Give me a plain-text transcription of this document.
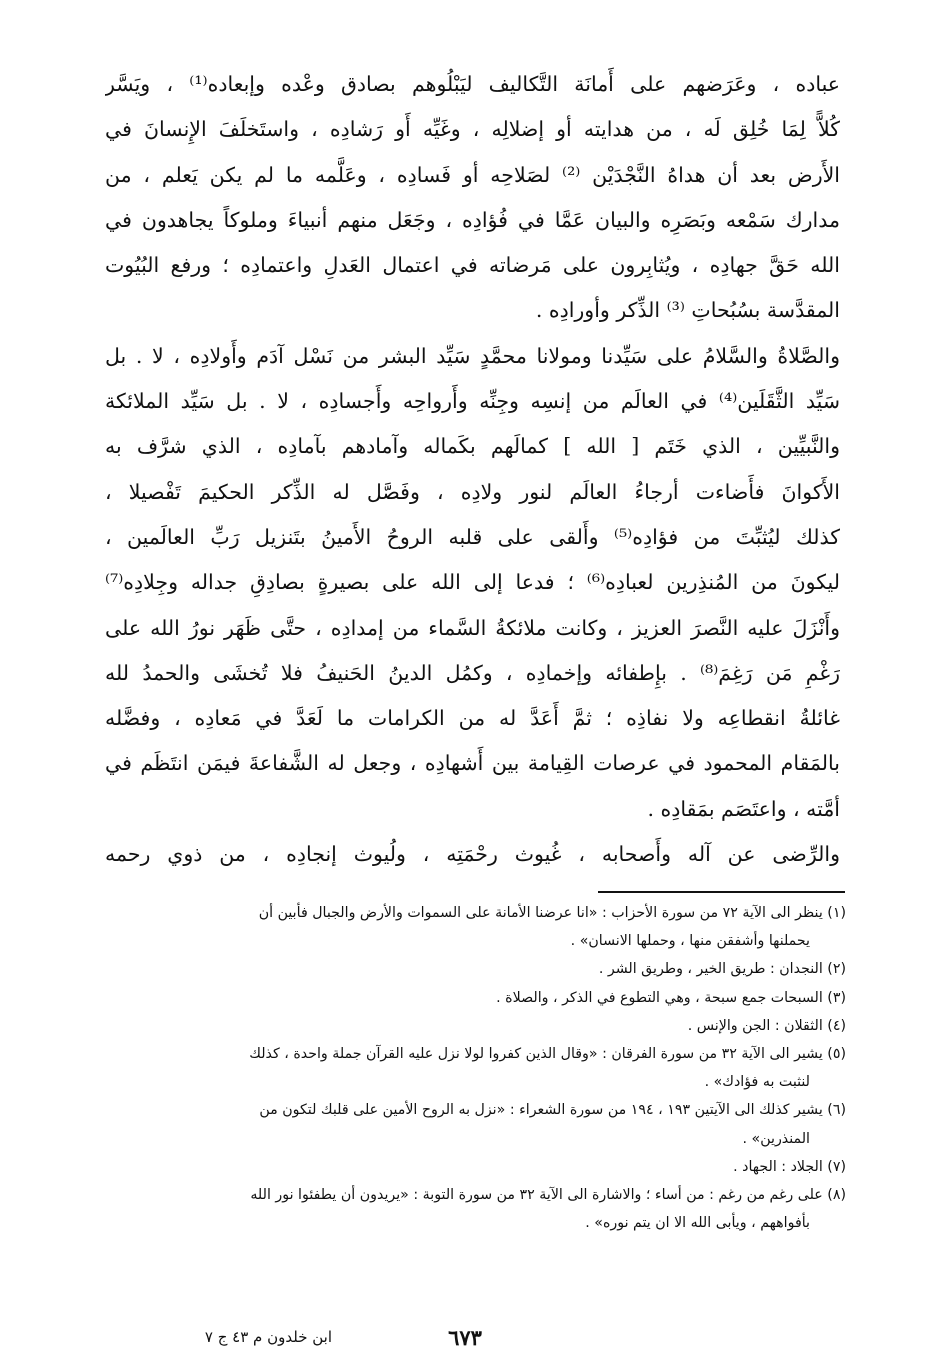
عباده ، وعَرَضهم على أَمانَة التَّكاليف ليَبْلُوهم بصادق وعْده وإبعاده⁽¹⁾ ، ويَسَّر
كُلاًّ لِمَا خُلِق لَه ، من هدايته أو إضلالِه ، وغَيِّه أَو رَشادِه ، واستَخلَفَ الإِنسانَ في
الأَرض بعد أن هداهُ النَّجْدَيْن ⁽²⁾ لصَلاحِه أو فَسادِه ، وعَلَّمه ما لم يكن يَعلم ، من
مدارك سَمْعه وبَصَرِه والبيان عَمَّا في فُؤادِه ، وجَعَل منهم أنبياءَ وملوكاً يجاهدون في
الله حَقَّ جهادِه ، ويُثابِرون على مَرضاته في اعتمال العَدلِ واعتمادِه ؛ ورفع البُيُوت
المقدَّسة بسُبُحاتِ ⁽³⁾ الذِّكر وأورادِه .
والصَّلاةُ والسَّلامُ على سَيِّدنا ومولانا محمَّدٍ سَيِّد البشر من نَسْل آدَم وأَولادِه ، لا . بل
سَيِّد الثَّقَلَين⁽⁴⁾ في العالَم من إنسِه وجِنِّه وأَرواحِه وأَجسادِه ، لا . بل سَيِّد الملائكة
والنَّبيِّين ، الذي خَتَم [ الله ] كمالَهم بكَماله وآمادهم بآمادِه ، الذي شرَّف به
الأَكوانَ فأَضاءت أرجاءُ العالَم لنور ولادِه ، وفَصَّل له الذِّكر الحكيمَ تَفْصيلا ،
كذلك ليُثبِّتَ من فؤادِه⁽⁵⁾ وأَلقى على قلبه الروحُ الأَمينُ بتَنزيل رَبِّ العالَمين ،
ليكونَ من المُنذِرين لعبادِه⁽⁶⁾ ؛ فدعا إلى الله على بصيرةٍ بصادِقِ جداله وجِلادِه⁽⁷⁾
وأَنْزَلَ عليه النَّصرَ العزيز ، وكانت ملائكةُ السَّماء من إمدادِه ، حتَّى ظَهَر نورُ الله على
رَغْمِ مَن رَغِمَ⁽⁸⁾ . بإِطفائه وإخمادِه ، وكمُل الدينُ الحَنيفُ فلا تُخشَى والحمدُ لله
غائلةُ انقطاعِه ولا نفاذِه ؛ ثمَّ أَعَدَّ له من الكرامات ما لَعَدَّ في مَعادِه ، وفضَّله
بالمَقام المحمود في عرصات القِيامة بين أَشهادِه ، وجعل له الشَّفاعةَ فيمَن انتَظَم في
أمَّته ، واعتَصَم بمَقادِه .
والرِّضى عن آله وأَصحابه ، غُيوث رحْمَتِه ، ولُيوث إنجادِه ، من ذوي رحمه
(١) ينظر الى الآية ٧٢ من سورة الأحزاب : «انا عرضنا الأمانة على السموات والأرض والجبال فأبين أن
يحملنها وأشفقن منها ، وحملها الانسان» .
(٢) النجدان : طريق الخير ، وطريق الشر .
(٣) السبحات جمع سبحة ، وهي التطوع في الذكر ، والصلاة .
(٤) الثقلان : الجن والإنس .
(٥) يشير الى الآية ٣٢ من سورة الفرقان : «وقال الذين كفروا لولا نزل عليه القرآن جملة واحدة ، كذلك
لنثبت به فؤادك» .
(٦) يشير كذلك الى الآيتين ١٩٣ ، ١٩٤ من سورة الشعراء : «نزل به الروح الأمين على قلبك لتكون من
المنذرين» .
(٧) الجلاد : الجهاد .
(٨) على رغم من رغم : من أساء ؛ والاشارة الى الآية ٣٢ من سورة التوبة : «يريدون أن يطفئوا نور الله
بأفواههم ، ويأبى الله الا ان يتم نوره» .
٦٧٣
ابن خلدون م ٤٣ ج ٧
